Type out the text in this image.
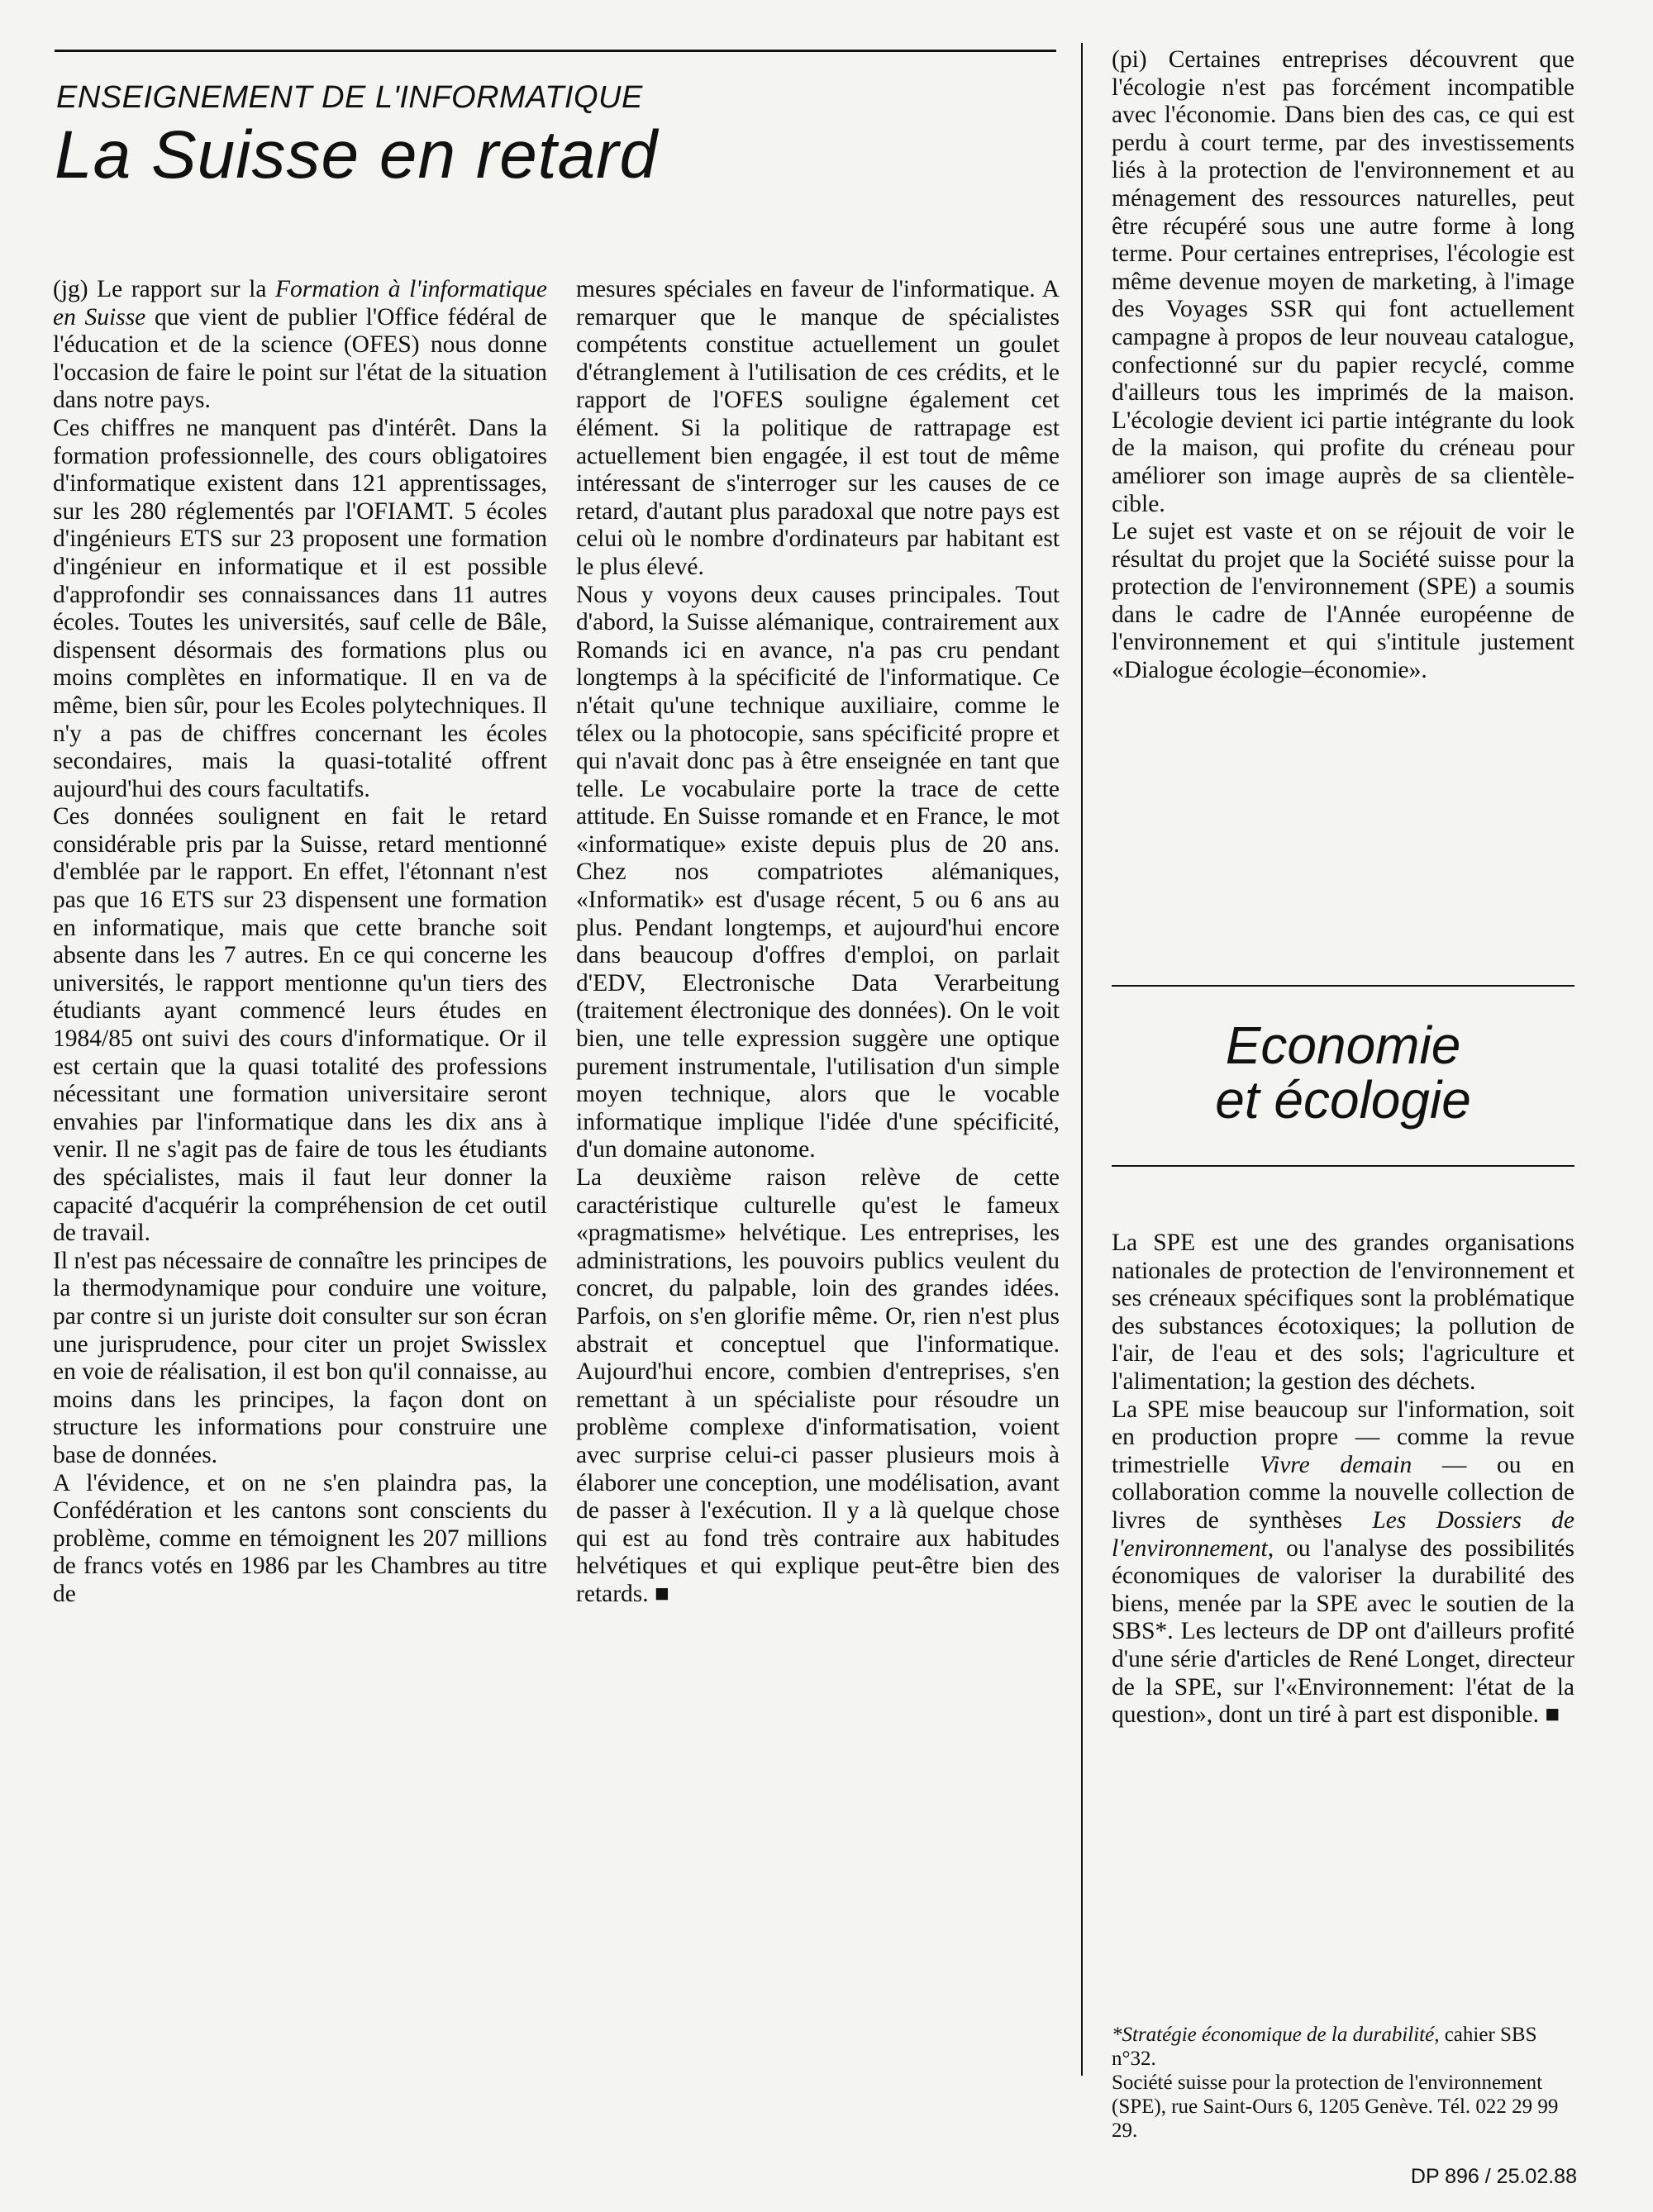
ENSEIGNEMENT DE L'INFORMATIQUE
La Suisse en retard

(jg) Le rapport sur la Formation à l'informatique en Suisse que vient de publier l'Office fédéral de l'éducation et de la science (OFES) nous donne l'occasion de faire le point sur l'état de la situation dans notre pays.

Ces chiffres ne manquent pas d'intérêt. Dans la formation professionnelle, des cours obligatoires d'informatique existent dans 121 apprentissages, sur les 280 réglementés par l'OFIAMT. 5 écoles d'ingénieurs ETS sur 23 proposent une formation d'ingénieur en informatique et il est possible d'approfondir ses connaissances dans 11 autres écoles. Toutes les universités, sauf celle de Bâle, dispensent désormais des formations plus ou moins complètes en informatique. Il en va de même, bien sûr, pour les Ecoles polytechniques. Il n'y a pas de chiffres concernant les écoles secondaires, mais la quasi-totalité offrent aujourd'hui des cours facultatifs.

Ces données soulignent en fait le retard considérable pris par la Suisse, retard mentionné d'emblée par le rapport. En effet, l'étonnant n'est pas que 16 ETS sur 23 dispensent une formation en informatique, mais que cette branche soit absente dans les 7 autres. En ce qui concerne les universités, le rapport mentionne qu'un tiers des étudiants ayant commencé leurs études en 1984/85 ont suivi des cours d'informatique. Or il est certain que la quasi totalité des professions nécessitant une formation universitaire seront envahies par l'informatique dans les dix ans à venir. Il ne s'agit pas de faire de tous les étudiants des spécialistes, mais il faut leur donner la capacité d'acquérir la compréhension de cet outil de travail.

Il n'est pas nécessaire de connaître les principes de la thermodynamique pour conduire une voiture, par contre si un juriste doit consulter sur son écran une jurisprudence, pour citer un projet Swisslex en voie de réalisation, il est bon qu'il connaisse, au moins dans les principes, la façon dont on structure les informations pour construire une base de données.

A l'évidence, et on ne s'en plaindra pas, la Confédération et les cantons sont conscients du problème, comme en témoignent les 207 millions de francs votés en 1986 par les Chambres au titre de

mesures spéciales en faveur de l'informatique. A remarquer que le manque de spécialistes compétents constitue actuellement un goulet d'étranglement à l'utilisation de ces crédits, et le rapport de l'OFES souligne également cet élément. Si la politique de rattrapage est actuellement bien engagée, il est tout de même intéressant de s'interroger sur les causes de ce retard, d'autant plus paradoxal que notre pays est celui où le nombre d'ordinateurs par habitant est le plus élevé.

Nous y voyons deux causes principales. Tout d'abord, la Suisse alémanique, contrairement aux Romands ici en avance, n'a pas cru pendant longtemps à la spécificité de l'informatique. Ce n'était qu'une technique auxiliaire, comme le télex ou la photocopie, sans spécificité propre et qui n'avait donc pas à être enseignée en tant que telle. Le vocabulaire porte la trace de cette attitude. En Suisse romande et en France, le mot «informatique» existe depuis plus de 20 ans. Chez nos compatriotes alémaniques, «Informatik» est d'usage récent, 5 ou 6 ans au plus. Pendant longtemps, et aujourd'hui encore dans beaucoup d'offres d'emploi, on parlait d'EDV, Electronische Data Verarbeitung (traitement électronique des données). On le voit bien, une telle expression suggère une optique purement instrumentale, l'utilisation d'un simple moyen technique, alors que le vocable informatique implique l'idée d'une spécificité, d'un domaine autonome.

La deuxième raison relève de cette caractéristique culturelle qu'est le fameux «pragmatisme» helvétique. Les entreprises, les administrations, les pouvoirs publics veulent du concret, du palpable, loin des grandes idées. Parfois, on s'en glorifie même. Or, rien n'est plus abstrait et conceptuel que l'informatique. Aujourd'hui encore, combien d'entreprises, s'en remettant à un spécialiste pour résoudre un problème complexe d'informatisation, voient avec surprise celui-ci passer plusieurs mois à élaborer une conception, une modélisation, avant de passer à l'exécution. Il y a là quelque chose qui est au fond très contraire aux habitudes helvétiques et qui explique peut-être bien des retards. ■

(pi) Certaines entreprises découvrent que l'écologie n'est pas forcément incompatible avec l'économie. Dans bien des cas, ce qui est perdu à court terme, par des investissements liés à la protection de l'environnement et au ménagement des ressources naturelles, peut être récupéré sous une autre forme à long terme. Pour certaines entreprises, l'écologie est même devenue moyen de marketing, à l'image des Voyages SSR qui font actuellement campagne à propos de leur nouveau catalogue, confectionné sur du papier recyclé, comme d'ailleurs tous les imprimés de la maison. L'écologie devient ici partie intégrante du look de la maison, qui profite du créneau pour améliorer son image auprès de sa clientèle-cible.

Le sujet est vaste et on se réjouit de voir le résultat du projet que la Société suisse pour la protection de l'environnement (SPE) a soumis dans le cadre de l'Année européenne de l'environnement et qui s'intitule justement «Dialogue écologie–économie».

Economie
et écologie

La SPE est une des grandes organisations nationales de protection de l'environnement et ses créneaux spécifiques sont la problématique des substances écotoxiques; la pollution de l'air, de l'eau et des sols; l'agriculture et l'alimentation; la gestion des déchets.

La SPE mise beaucoup sur l'information, soit en production propre — comme la revue trimestrielle Vivre demain — ou en collaboration comme la nouvelle collection de livres de synthèses Les Dossiers de l'environnement, ou l'analyse des possibilités économiques de valoriser la durabilité des biens, menée par la SPE avec le soutien de la SBS*. Les lecteurs de DP ont d'ailleurs profité d'une série d'articles de René Longet, directeur de la SPE, sur l'«Environnement: l'état de la question», dont un tiré à part est disponible. ■

*Stratégie économique de la durabilité, cahier SBS n°32.

Société suisse pour la protection de l'environnement (SPE), rue Saint-Ours 6, 1205 Genève. Tél. 022 29 99 29.

DP 896 / 25.02.88
